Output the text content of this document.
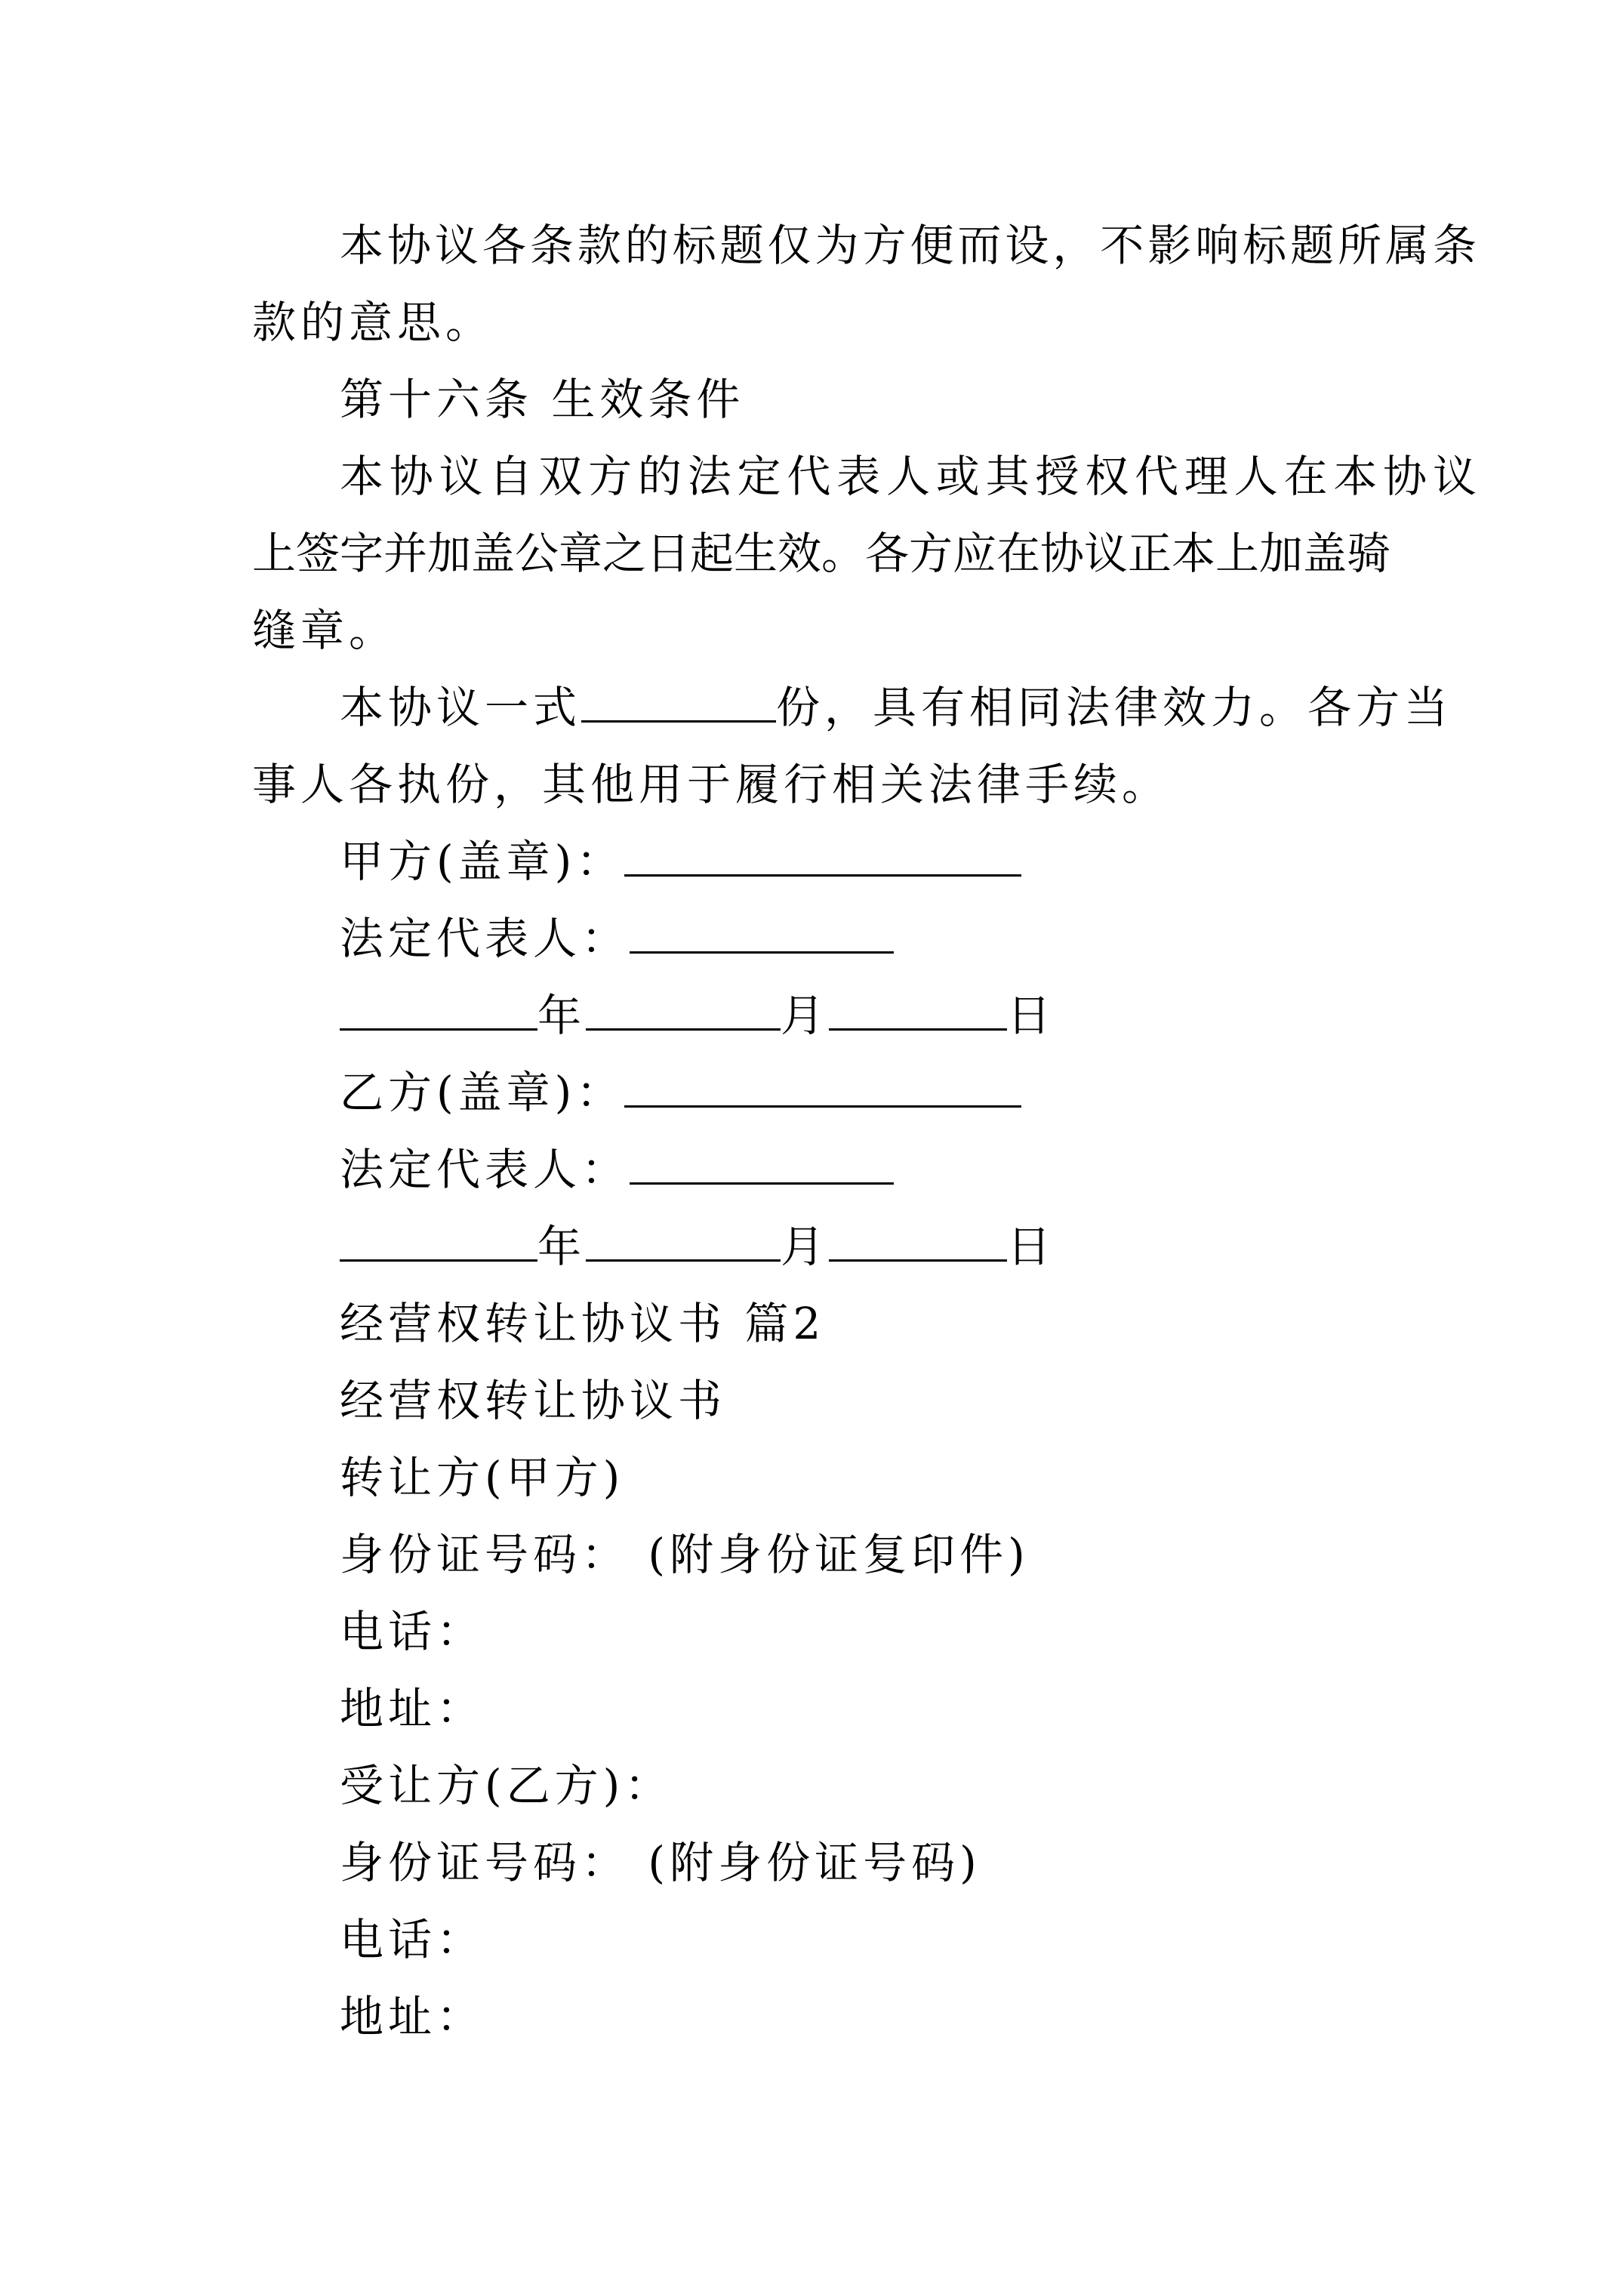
本协议各条款的标题仅为方便而设，不影响标题所属条
款的意思。
第十六条 生效条件
本协议自双方的法定代表人或其授权代理人在本协议
上签字并加盖公章之日起生效。各方应在协议正本上加盖骑
缝章。
本协议一式	份，具有相同法律效力。各方当
事人各执份，其他用于履行相关法律手续。
甲方(盖章)：
法定代表人：
年	月	日
乙方(盖章)：
法定代表人：
年	月	日
经营权转让协议书 篇2
经营权转让协议书
转让方(甲方)
身份证号码： (附身份证复印件)
电话：
地址：
受让方(乙方)：
身份证号码： (附身份证号码)
电话：
地址：
